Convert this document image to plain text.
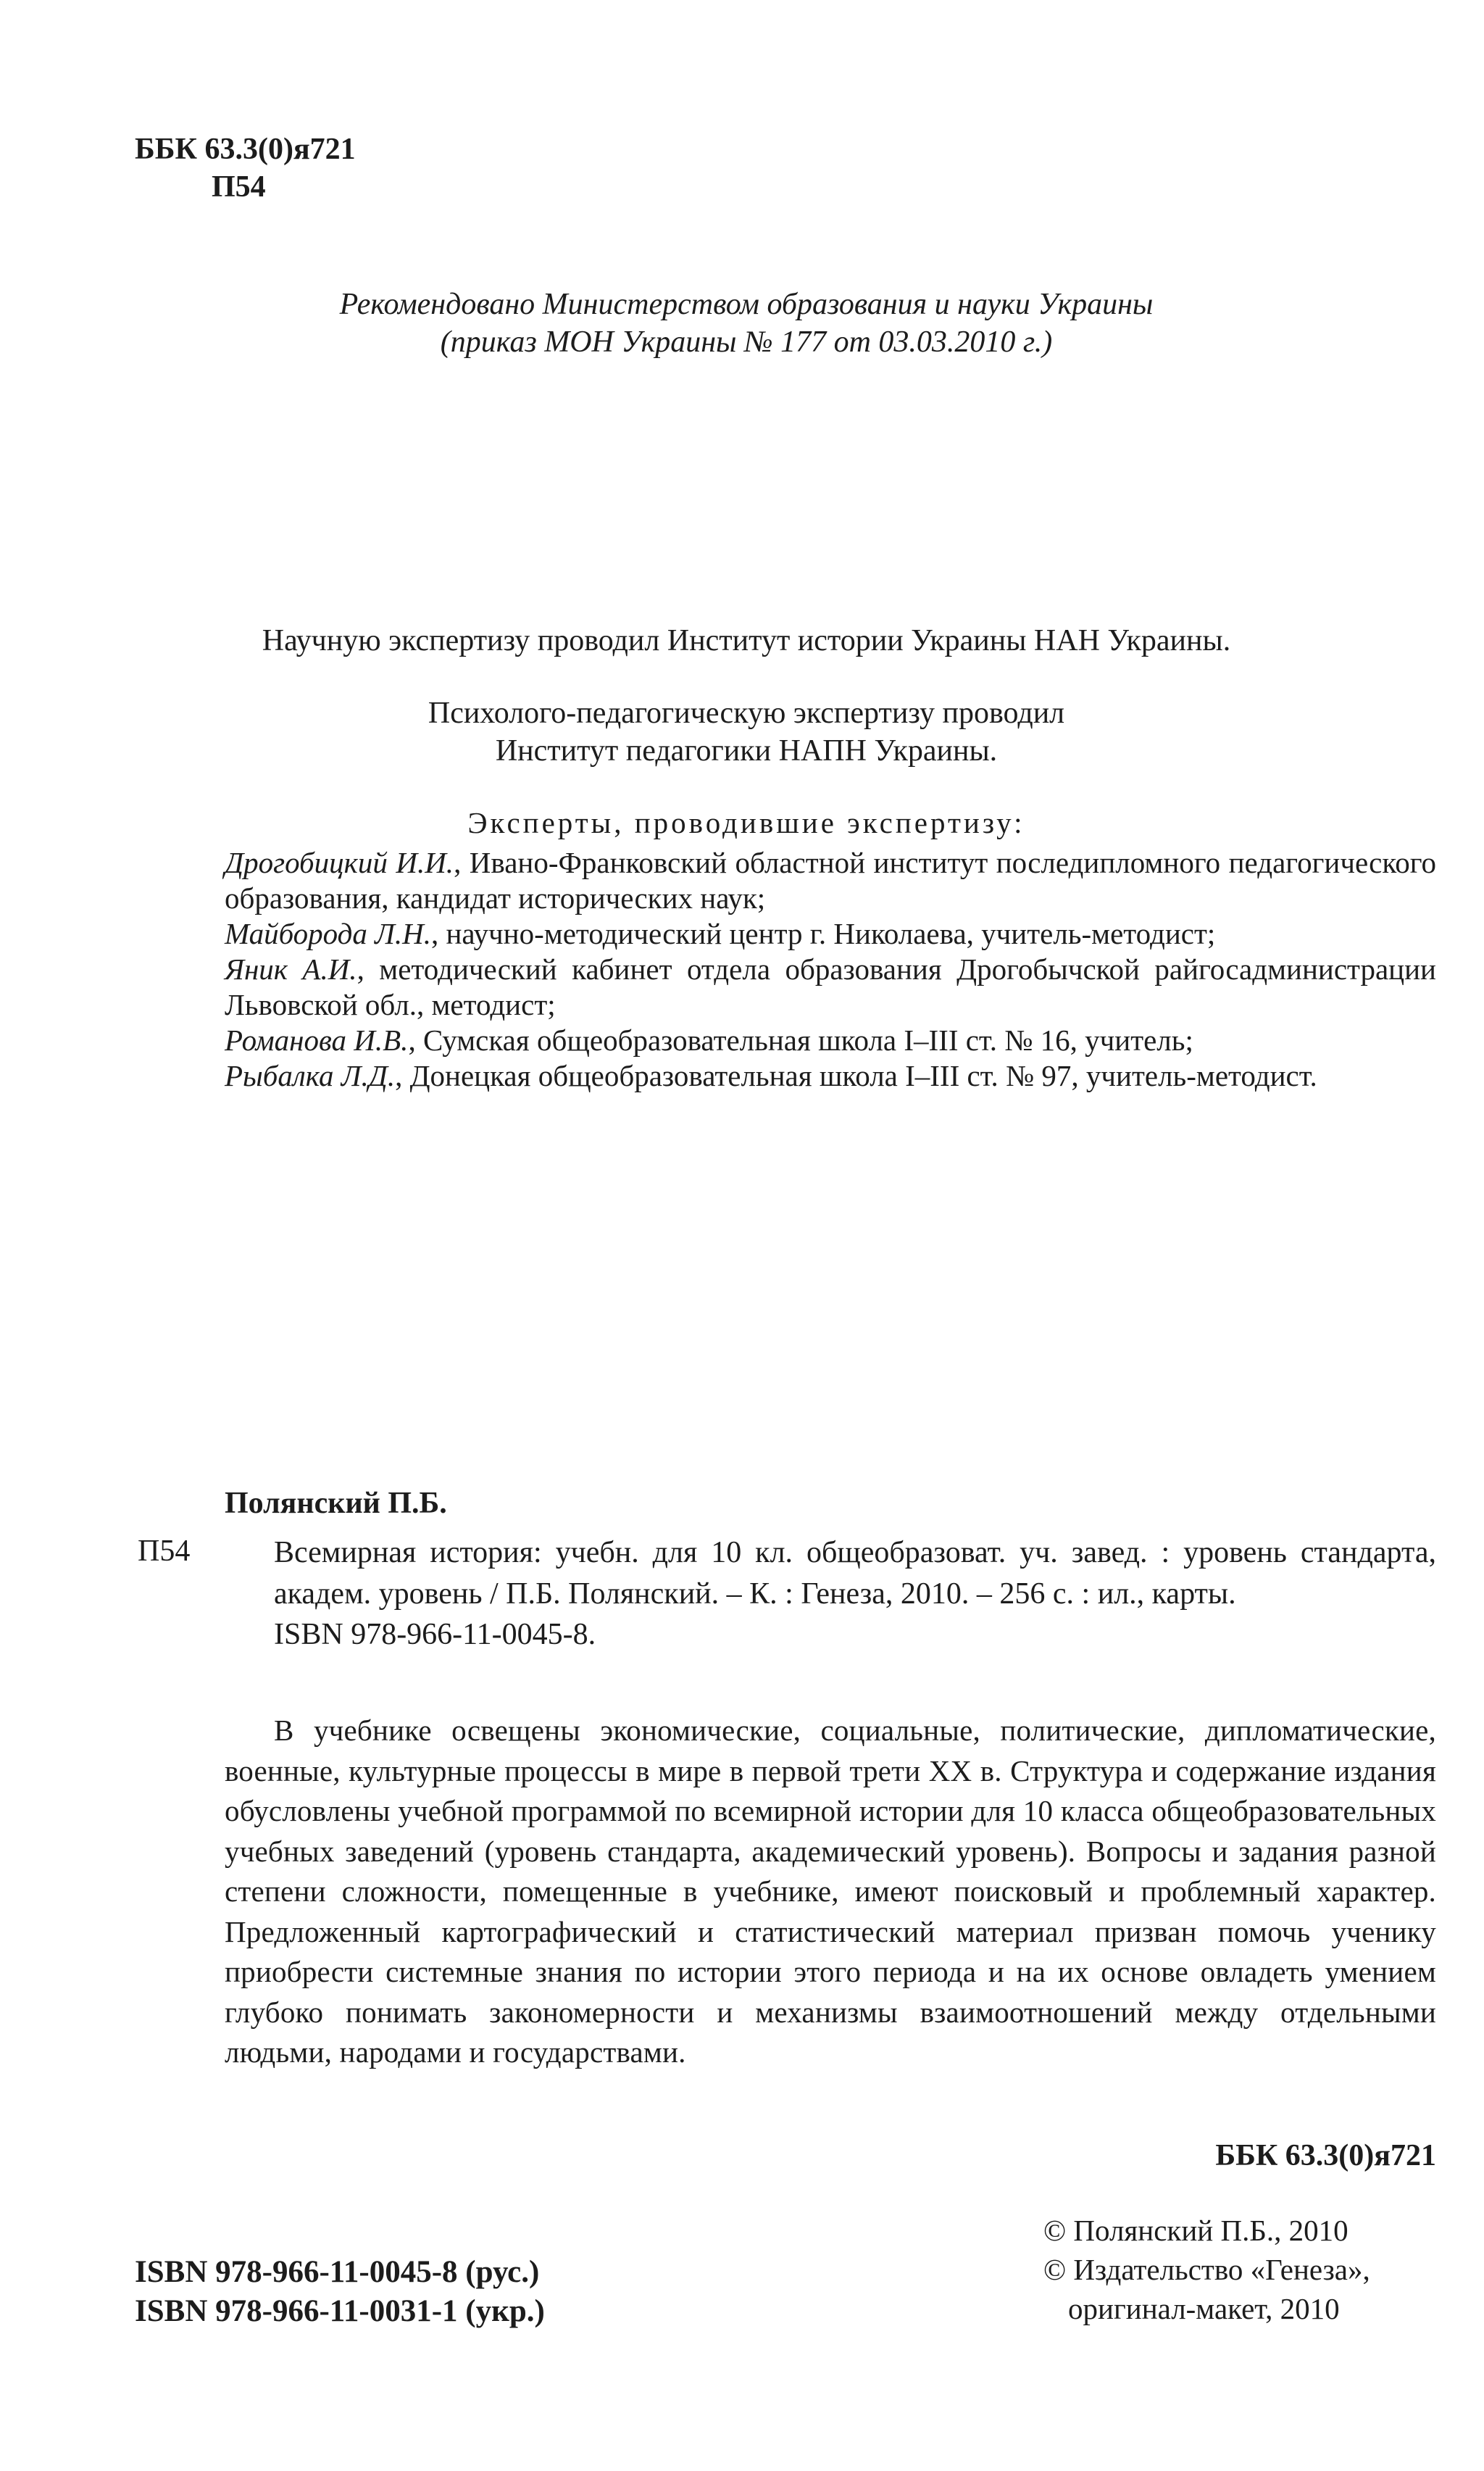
ББК 63.3(0)я721
П54
Рекомендовано Министерством образования и науки Украины
(приказ МОН Украины № 177 от 03.03.2010 г.)
Научную экспертизу проводил Институт истории Украины НАН Украины.
Психолого-педагогическую экспертизу проводил
Институт педагогики НАПН Украины.
Эксперты, проводившие экспертизу:
Дрогобицкий И.И., Ивано-Франковский областной институт последипломного педагогического образования, кандидат исторических наук;
Майборода Л.Н., научно-методический центр г. Николаева, учитель-методист;
Яник А.И., методический кабинет отдела образования Дрогобычской райгосадминистрации Львовской обл., методист;
Романова И.В., Сумская общеобразовательная школа I–III ст. № 16, учитель;
Рыбалка Л.Д., Донецкая общеобразовательная школа I–III ст. № 97, учитель-методист.
Полянский П.Б.
П54	Всемирная история: учебн. для 10 кл. общеобразоват. уч. завед. : уровень стандарта, академ. уровень / П.Б. Полянский. – К. : Генеза, 2010. – 256 с. : ил., карты.
ISBN 978-966-11-0045-8.
В учебнике освещены экономические, социальные, политические, дипломатические, военные, культурные процессы в мире в первой трети XX в. Структура и содержание издания обусловлены учебной программой по всемирной истории для 10 класса общеобразовательных учебных заведений (уровень стандарта, академический уровень). Вопросы и задания разной степени сложности, помещенные в учебнике, имеют поисковый и проблемный характер. Предложенный картографический и статистический материал призван помочь ученику приобрести системные знания по истории этого периода и на их основе овладеть умением глубоко понимать закономерности и механизмы взаимоотношений между отдельными людьми, народами и государствами.
ББК 63.3(0)я721
ISBN 978-966-11-0045-8 (рус.)
ISBN 978-966-11-0031-1 (укр.)
© Полянский П.Б., 2010
© Издательство «Генеза»,
оригинал-макет, 2010
